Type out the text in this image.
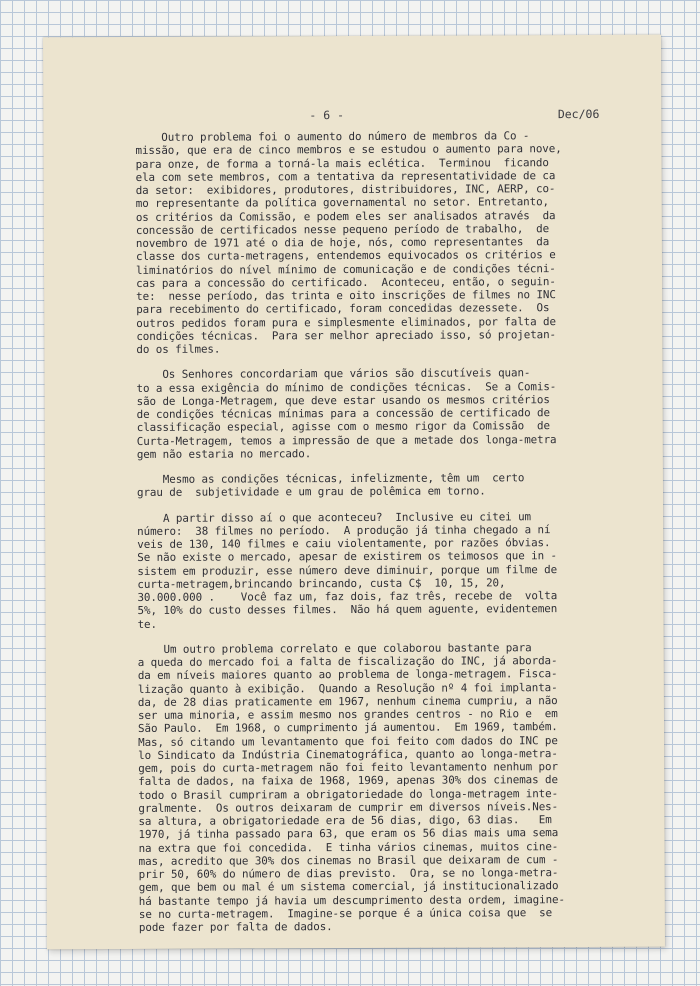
- 6 -	Dec/06
Outro problema foi o aumento do número de membros da Co -
missão, que era de cinco membros e se estudou o aumento para nove,
para onze, de forma a torná-la mais eclética.  Terminou  ficando
ela com sete membros, com a tentativa da representatividade de ca
da setor:  exibidores, produtores, distribuidores, INC, AERP, co-
mo representante da política governamental no setor. Entretanto,
os critérios da Comissão, e podem eles ser analisados através  da
concessão de certificados nesse pequeno período de trabalho,  de
novembro de 1971 até o dia de hoje, nós, como representantes  da
classe dos curta-metragens, entendemos equivocados os critérios e
liminatórios do nível mínimo de comunicação e de condições técni-
cas para a concessão do certificado.  Aconteceu, então, o seguin-
te:  nesse período, das trinta e oito inscrições de filmes no INC
para recebimento do certificado, foram concedidas dezessete.  Os
outros pedidos foram pura e simplesmente eliminados, por falta de
condições técnicas.  Para ser melhor apreciado isso, só projetan-
do os filmes.
Os Senhores concordariam que vários são discutíveis quan-
to a essa exigência do mínimo de condições técnicas.  Se a Comis-
são de Longa-Metragem, que deve estar usando os mesmos critérios
de condições técnicas mínimas para a concessão de certificado de
classificação especial, agisse com o mesmo rigor da Comissão  de
Curta-Metragem, temos a impressão de que a metade dos longa-metra
gem não estaria no mercado.
Mesmo as condições técnicas, infelizmente, têm um  certo
grau de  subjetividade e um grau de polêmica em torno.
A partir disso aí o que aconteceu?  Inclusive eu citei um
número:  38 filmes no período.  A produção já tinha chegado a ní
veis de 130, 140 filmes e caiu violentamente, por razões óbvias.
Se não existe o mercado, apesar de existirem os teimosos que in -
sistem em produzir, esse número deve diminuir, porque um filme de
curta-metragem,brincando brincando, custa C$  10, 15, 20,
30.000.000 .    Você faz um, faz dois, faz três, recebe de  volta
5%, 10% do custo desses filmes.  Não há quem aguente, evidentemen
te.
Um outro problema correlato e que colaborou bastante para
a queda do mercado foi a falta de fiscalização do INC, já aborda-
da em níveis maiores quanto ao problema de longa-metragem. Fisca-
lização quanto à exibição.  Quando a Resolução nº 4 foi implanta-
da, de 28 dias praticamente em 1967, nenhum cinema cumpriu, a não
ser uma minoria, e assim mesmo nos grandes centros - no Rio e  em
São Paulo.  Em 1968, o cumprimento já aumentou.  Em 1969, também.
Mas, só citando um levantamento que foi feito com dados do INC pe
lo Sindicato da Indústria Cinematográfica, quanto ao longa-metra-
gem, pois do curta-metragem não foi feito levantamento nenhum por
falta de dados, na faixa de 1968, 1969, apenas 30% dos cinemas de
todo o Brasil cumpriram a obrigatoriedade do longa-metragem inte-
gralmente.  Os outros deixaram de cumprir em diversos níveis.Nes-
sa altura, a obrigatoriedade era de 56 dias, digo, 63 dias.   Em
1970, já tinha passado para 63, que eram os 56 dias mais uma sema
na extra que foi concedida.  E tinha vários cinemas, muitos cine-
mas, acredito que 30% dos cinemas no Brasil que deixaram de cum -
prir 50, 60% do número de dias previsto.  Ora, se no longa-metra-
gem, que bem ou mal é um sistema comercial, já institucionalizado
há bastante tempo já havia um descumprimento desta ordem, imagine-
se no curta-metragem.  Imagine-se porque é a única coisa que  se
pode fazer por falta de dados.
